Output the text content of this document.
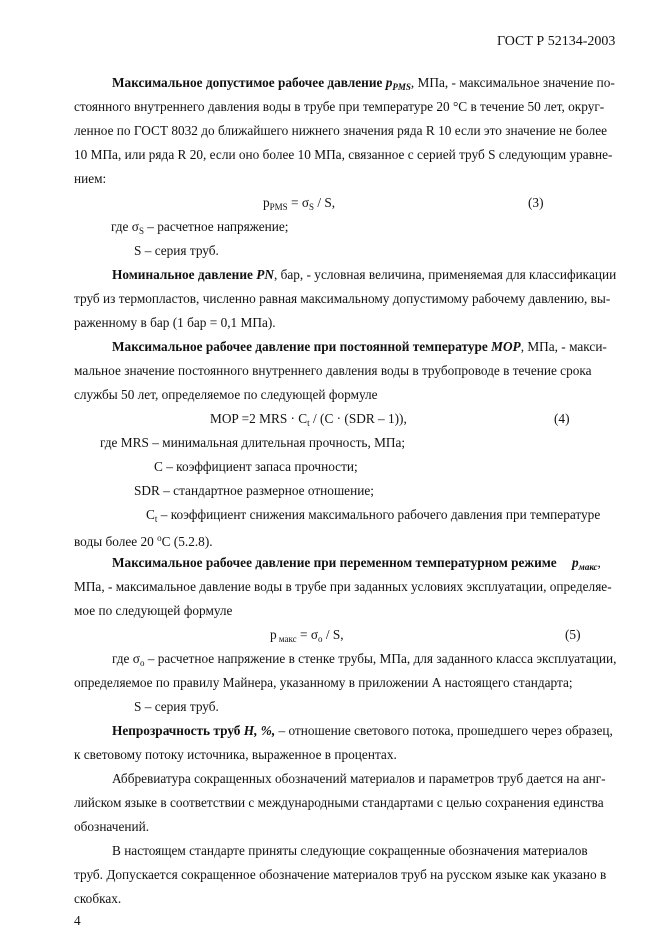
ГОСТ Р 52134-2003

Максимальное допустимое рабочее давление $p_{PMS}$, МПа, - максимальное значение по-

стоянного внутреннего давления воды в трубе при температуре 20 °С в течение 50 лет, округ-

ленное по ГОСТ 8032 до ближайшего нижнего значения ряда R 10 если это значение не более

10 МПа, или ряда R 20, если оно более 10 МПа, связанное с серией труб S следующим уравне-

нием:

$p_{PMS} = \sigma_S / S$,	(3)

где $\sigma_S$ – расчетное напряжение;

S – серия труб.

Номинальное давление PN, бар, - условная величина, применяемая для классификации

труб из термопластов, численно равная максимальному допустимому рабочему давлению, вы-

раженному в бар (1 бар = 0,1 МПа).

Максимальное рабочее давление при постоянной температуре MOP, МПа, - макси-

мальное значение постоянного внутреннего давления воды в трубопроводе в течение срока

службы 50 лет, определяемое по следующей формуле

MOP =2 MRS · $C_t / (C \cdot (SDR - 1))$,	(4)

где MRS – минимальная длительная прочность, МПа;

C – коэффициент запаса прочности;

SDR – стандартное размерное отношение;

$C_t$ – коэффициент снижения максимального рабочего давления при температуре

воды более 20 $^o$С (5.2.8).

Максимальное рабочее давление при переменном температурном режиме $p_{макс}$,

МПа, - максимальное давление воды в трубе при заданных условиях эксплуатации, определяе-

мое по следующей формуле

p $_{макс} = \sigma_o / S$,	(5)

где $\sigma_o$ – расчетное напряжение в стенке трубы, МПа, для заданного класса эксплуатации,

определяемое по правилу Майнера, указанному в приложении А настоящего стандарта;

S – серия труб.

Непрозрачность труб H, %, – отношение светового потока, прошедшего через образец,

к световому потоку источника, выраженное в процентах.

Аббревиатура сокращенных обозначений материалов и параметров труб дается на анг-

лийском языке в соответствии с международными стандартами с целью сохранения единства

обозначений.

В настоящем стандарте приняты следующие сокращенные обозначения материалов

труб. Допускается сокращенное обозначение материалов труб на русском языке как указано в

скобках.

4
